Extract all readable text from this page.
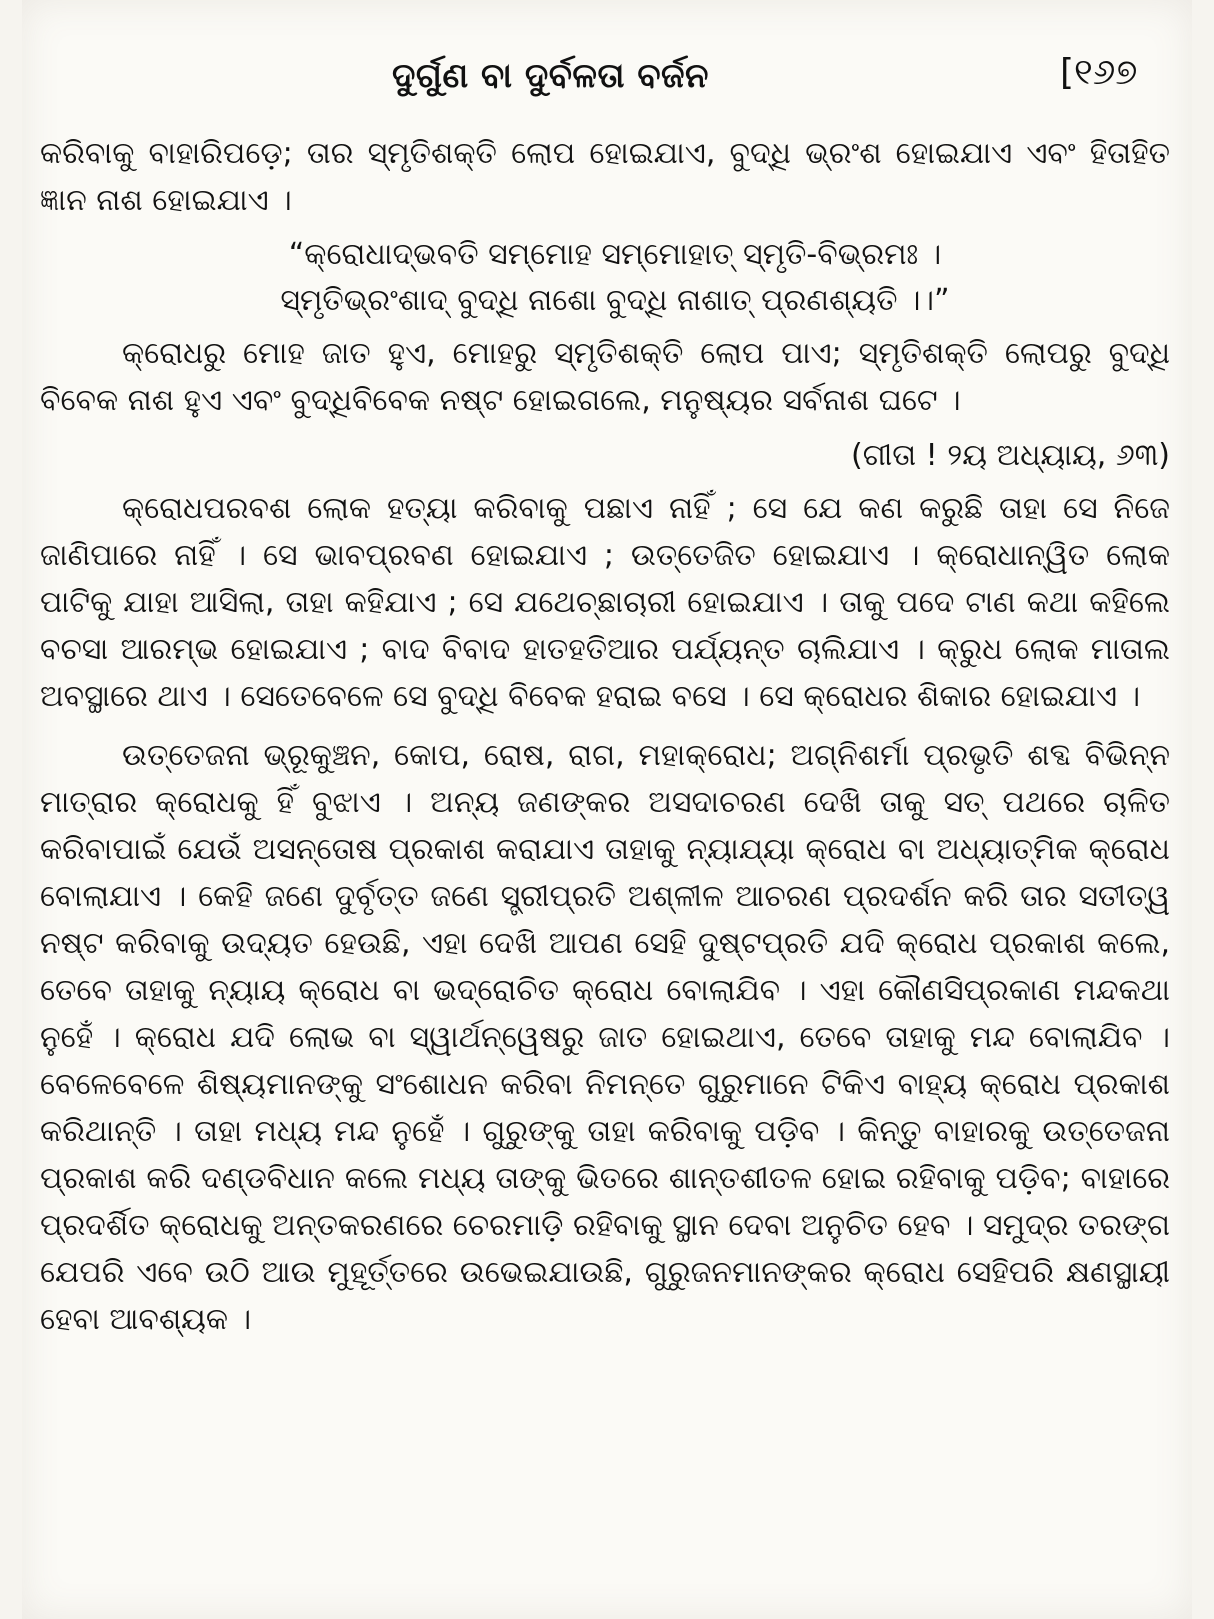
ଦୁର୍ଗୁଣ ବା ଦୁର୍ବଳତା ବର୍ଜନ	[୧୬୭

କରିବାକୁ ବାହାରିପଡ଼େ; ତାର ସ୍ମୃତିଶକ୍ତି ଲୋପ ହୋଇଯାଏ, ବୁଦ୍ଧି ଭ୍ରଂଶ ହୋଇଯାଏ ଏବଂ ହିତାହିତ ଜ୍ଞାନ ନାଶ ହୋଇଯାଏ ।

“କ୍ରୋଧାଦ୍‌ଭବତି ସମ୍ମୋହ ସମ୍ମୋହାତ୍ ସ୍ମୃତି-ବିଭ୍ରମଃ ।
ସ୍ମୃତିଭ୍ରଂଶାଦ୍ ବୁଦ୍ଧି ନାଶୋ ବୁଦ୍ଧି ନାଶାତ୍ ପ୍ରଣଶ୍ୟତି ।।”

କ୍ରୋଧରୁ ମୋହ ଜାତ ହୁଏ, ମୋହରୁ ସ୍ମୃତିଶକ୍ତି ଲୋପ ପାଏ; ସ୍ମୃତିଶକ୍ତି ଲୋପରୁ ବୁଦ୍ଧି ବିବେକ ନାଶ ହୁଏ ଏବଂ ବୁଦ୍ଧିବିବେକ ନଷ୍ଟ ହୋଇଗଲେ, ମନୁଷ୍ୟର ସର୍ବନାଶ ଘଟେ ।

(ଗୀତା ! ୨ୟ ଅଧ୍ୟାୟ, ୬୩)

କ୍ରୋଧପରବଶ ଲୋକ ହତ୍ୟା କରିବାକୁ ପଛାଏ ନାହିଁ ; ସେ ଯେ କଣ କରୁଛି ତାହା ସେ ନିଜେ ଜାଣିପାରେ ନାହିଁ । ସେ ଭାବପ୍ରବଣ ହୋଇଯାଏ ; ଉତ୍ତେଜିତ ହୋଇଯାଏ । କ୍ରୋଧାନ୍ୱିତ ଲୋକ ପାଟିକୁ ଯାହା ଆସିଲା, ତାହା କହିଯାଏ ; ସେ ଯଥେଚ୍ଛାଚାରୀ ହୋଇଯାଏ । ତାକୁ ପଦେ ଟାଣ କଥା କହିଲେ ବଚସା ଆରମ୍ଭ ହୋଇଯାଏ ; ବାଦ ବିବାଦ ହାତହତିଆର ପର୍ଯ୍ୟନ୍ତ ଚାଲିଯାଏ । କ୍ରୁଧ ଲୋକ ମାତାଲ ଅବସ୍ଥାରେ ଥାଏ । ସେତେବେଳେ ସେ ବୁଦ୍ଧି ବିବେକ ହରାଇ ବସେ । ସେ କ୍ରୋଧର ଶିକାର ହୋଇଯାଏ ।

ଉତ୍ତେଜନା ଭ୍ରୂକୁଞ୍ଚନ, କୋପ, ରୋଷ, ରାଗ, ମହାକ୍ରୋଧ; ଅଗ୍ନିଶର୍ମା ପ୍ରଭୃତି ଶବ୍ଦ ବିଭିନ୍ନ ମାତ୍ରାର କ୍ରୋଧକୁ ହିଁ ବୁଝାଏ । ଅନ୍ୟ ଜଣଙ୍କର ଅସଦାଚରଣ ଦେଖି ତାକୁ ସତ୍ ପଥରେ ଚାଳିତ କରିବାପାଇଁ ଯେଉଁ ଅସନ୍ତୋଷ ପ୍ରକାଶ କରାଯାଏ ତାହାକୁ ନ୍ୟାଯ୍ୟା କ୍ରୋଧ ବା ଅଧ୍ୟାତ୍ମିକ କ୍ରୋଧ ବୋଲାଯାଏ । କେହି ଜଣେ ଦୁର୍ବୃତ୍ତ ଜଣେ ସ୍ତ୍ରୀପ୍ରତି ଅଶ୍ଳୀଳ ଆଚରଣ ପ୍ରଦର୍ଶନ କରି ତାର ସତୀତ୍ୱ ନଷ୍ଟ କରିବାକୁ ଉଦ୍ୟତ ହେଉଛି, ଏହା ଦେଖି ଆପଣ ସେହି ଦୁଷ୍ଟପ୍ରତି ଯଦି କ୍ରୋଧ ପ୍ରକାଶ କଲେ, ତେବେ ତାହାକୁ ନ୍ୟାୟ କ୍ରୋଧ ବା ଭଦ୍ରୋଚିତ କ୍ରୋଧ ବୋଲାଯିବ । ଏହା କୌଣସିପ୍ରକାଣ ମନ୍ଦକଥା ନୁହେଁ । କ୍ରୋଧ ଯଦି ଲୋଭ ବା ସ୍ୱାର୍ଥନ୍ୱେଷରୁ ଜାତ ହୋଇଥାଏ, ତେବେ ତାହାକୁ ମନ୍ଦ ବୋଲାଯିବ । ବେଳେବେଳେ ଶିଷ୍ୟମାନଙ୍କୁ ସଂଶୋଧନ କରିବା ନିମନ୍ତେ ଗୁରୁମାନେ ଟିକିଏ ବାହ୍ୟ କ୍ରୋଧ ପ୍ରକାଶ କରିଥାନ୍ତି । ତାହା ମଧ୍ୟ ମନ୍ଦ ନୁହେଁ । ଗୁରୁଙ୍କୁ ତାହା କରିବାକୁ ପଡ଼ିବ । କିନ୍ତୁ ବାହାରକୁ ଉତ୍ତେଜନା ପ୍ରକାଶ କରି ଦଣ୍ଡବିଧାନ କଲେ ମଧ୍ୟ ତାଙ୍କୁ ଭିତରେ ଶାନ୍ତଶୀତଳ ହୋଇ ରହିବାକୁ ପଡ଼ିବ; ବାହାରେ ପ୍ରଦର୍ଶିତ କ୍ରୋଧକୁ ଅନ୍ତକରଣରେ ଚେରମାଡ଼ି ରହିବାକୁ ସ୍ଥାନ ଦେବା ଅନୁଚିତ ହେବ । ସମୁଦ୍ର ତରଙ୍ଗ ଯେପରି ଏବେ ଉଠି ଆଉ ମୁହୂର୍ତ୍ତରେ ଉଭେଇଯାଉଛି, ଗୁରୁଜନମାନଙ୍କର କ୍ରୋଧ ସେହିପରି କ୍ଷଣସ୍ଥାୟୀ ହେବା ଆବଶ୍ୟକ ।
